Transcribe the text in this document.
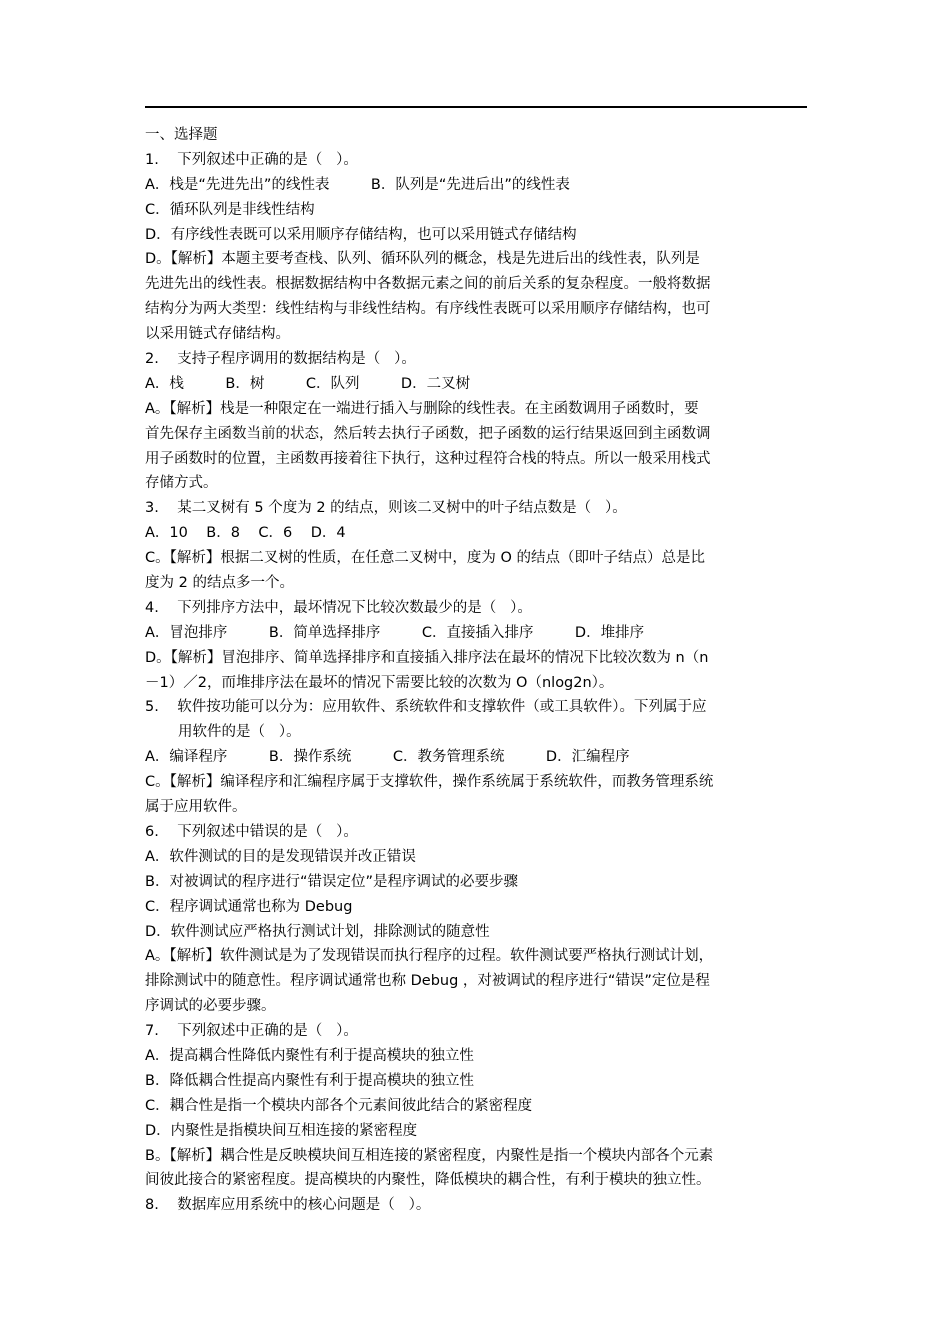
一、选择题
1.    下列叙述中正确的是（   ）。
A．栈是“先进先出”的线性表         B．队列是“先进后出”的线性表
C．循环队列是非线性结构
D．有序线性表既可以采用顺序存储结构，也可以采用链式存储结构
D。【解析】本题主要考查栈、队列、循环队列的概念，栈是先进后出的线性表，队列是
先进先出的线性表。根据数据结构中各数据元素之间的前后关系的复杂程度。一般将数据
结构分为两大类型：线性结构与非线性结构。有序线性表既可以采用顺序存储结构，也可
以采用链式存储结构。
2.    支持子程序调用的数据结构是（   ）。
A．栈         B．树         C．队列         D．二叉树
A。【解析】栈是一种限定在一端进行插入与删除的线性表。在主函数调用子函数时，要
首先保存主函数当前的状态，然后转去执行子函数，把子函数的运行结果返回到主函数调
用子函数时的位置，主函数再接着往下执行，这种过程符合栈的特点。所以一般采用栈式
存储方式。
3.    某二叉树有 5 个度为 2 的结点，则该二叉树中的叶子结点数是（   ）。
A．10    B．8    C．6    D．4
C。【解析】根据二叉树的性质，在任意二叉树中，度为 O 的结点（即叶子结点）总是比
度为 2 的结点多一个。
4.    下列排序方法中，最坏情况下比较次数最少的是（   ）。
A．冒泡排序         B．简单选择排序         C．直接插入排序         D．堆排序
D。【解析】冒泡排序、简单选择排序和直接插入排序法在最坏的情况下比较次数为 n（n
－1）／2，而堆排序法在最坏的情况下需要比较的次数为 O（nlog2n）。
5.    软件按功能可以分为：应用软件、系统软件和支撑软件（或工具软件）。下列属于应
用软件的是（   ）。
A．编译程序         B．操作系统         C．教务管理系统         D．汇编程序
C。【解析】编译程序和汇编程序属于支撑软件，操作系统属于系统软件，而教务管理系统
属于应用软件。
6.    下列叙述中错误的是（   ）。
A．软件测试的目的是发现错误并改正错误
B．对被调试的程序进行“错误定位”是程序调试的必要步骤
C．程序调试通常也称为 Debug
D．软件测试应严格执行测试计划，排除测试的随意性
A。【解析】软件测试是为了发现错误而执行程序的过程。软件测试要严格执行测试计划，
排除测试中的随意性。程序调试通常也称 Debug ，对被调试的程序进行“错误”定位是程
序调试的必要步骤。
7.    下列叙述中正确的是（   ）。
A．提高耦合性降低内聚性有利于提高模块的独立性
B．降低耦合性提高内聚性有利于提高模块的独立性
C．耦合性是指一个模块内部各个元素间彼此结合的紧密程度
D．内聚性是指模块间互相连接的紧密程度
B。【解析】耦合性是反映模块间互相连接的紧密程度，内聚性是指一个模块内部各个元素
间彼此接合的紧密程度。提高模块的内聚性，降低模块的耦合性，有利于模块的独立性。
8.    数据库应用系统中的核心问题是（   ）。
